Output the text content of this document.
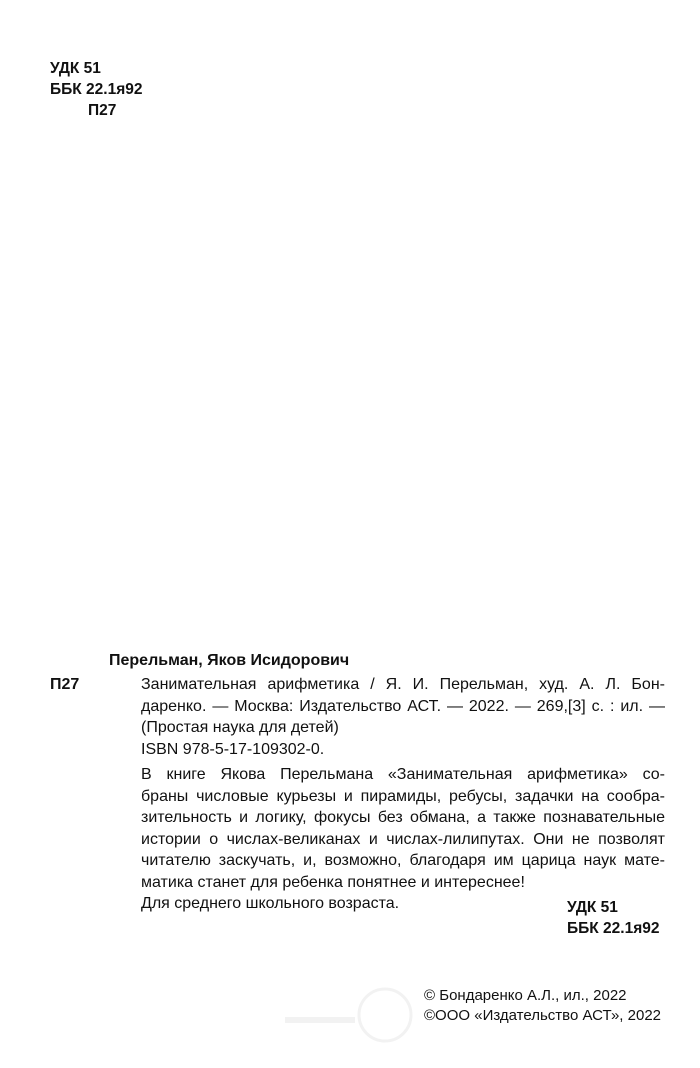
УДК 51
ББК 22.1я92
П27
Перельман, Яков Исидорович
П27	Занимательная арифметика / Я. И. Перельман, худ. А. Л. Бон-
даренко. — Москва: Издательство АСТ. — 2022. — 269,[3] с. : ил. —
(Простая наука для детей)
ISBN 978-5-17-109302-0.
В книге Якова Перельмана «Занимательная арифметика» со-
браны числовые курьезы и пирамиды, ребусы, задачки на сообра-
зительность и логику, фокусы без обмана, а также познавательные
истории о числах-великанах и числах-лилипутах. Они не позволят
читателю заскучать, и, возможно, благодаря им царица наук мате-
матика станет для ребенка понятнее и интереснее!
Для среднего школьного возраста.	УДК 51
ББК 22.1я92
© Бондаренко А.Л., ил., 2022
©ООО «Издательство АСТ», 2022
